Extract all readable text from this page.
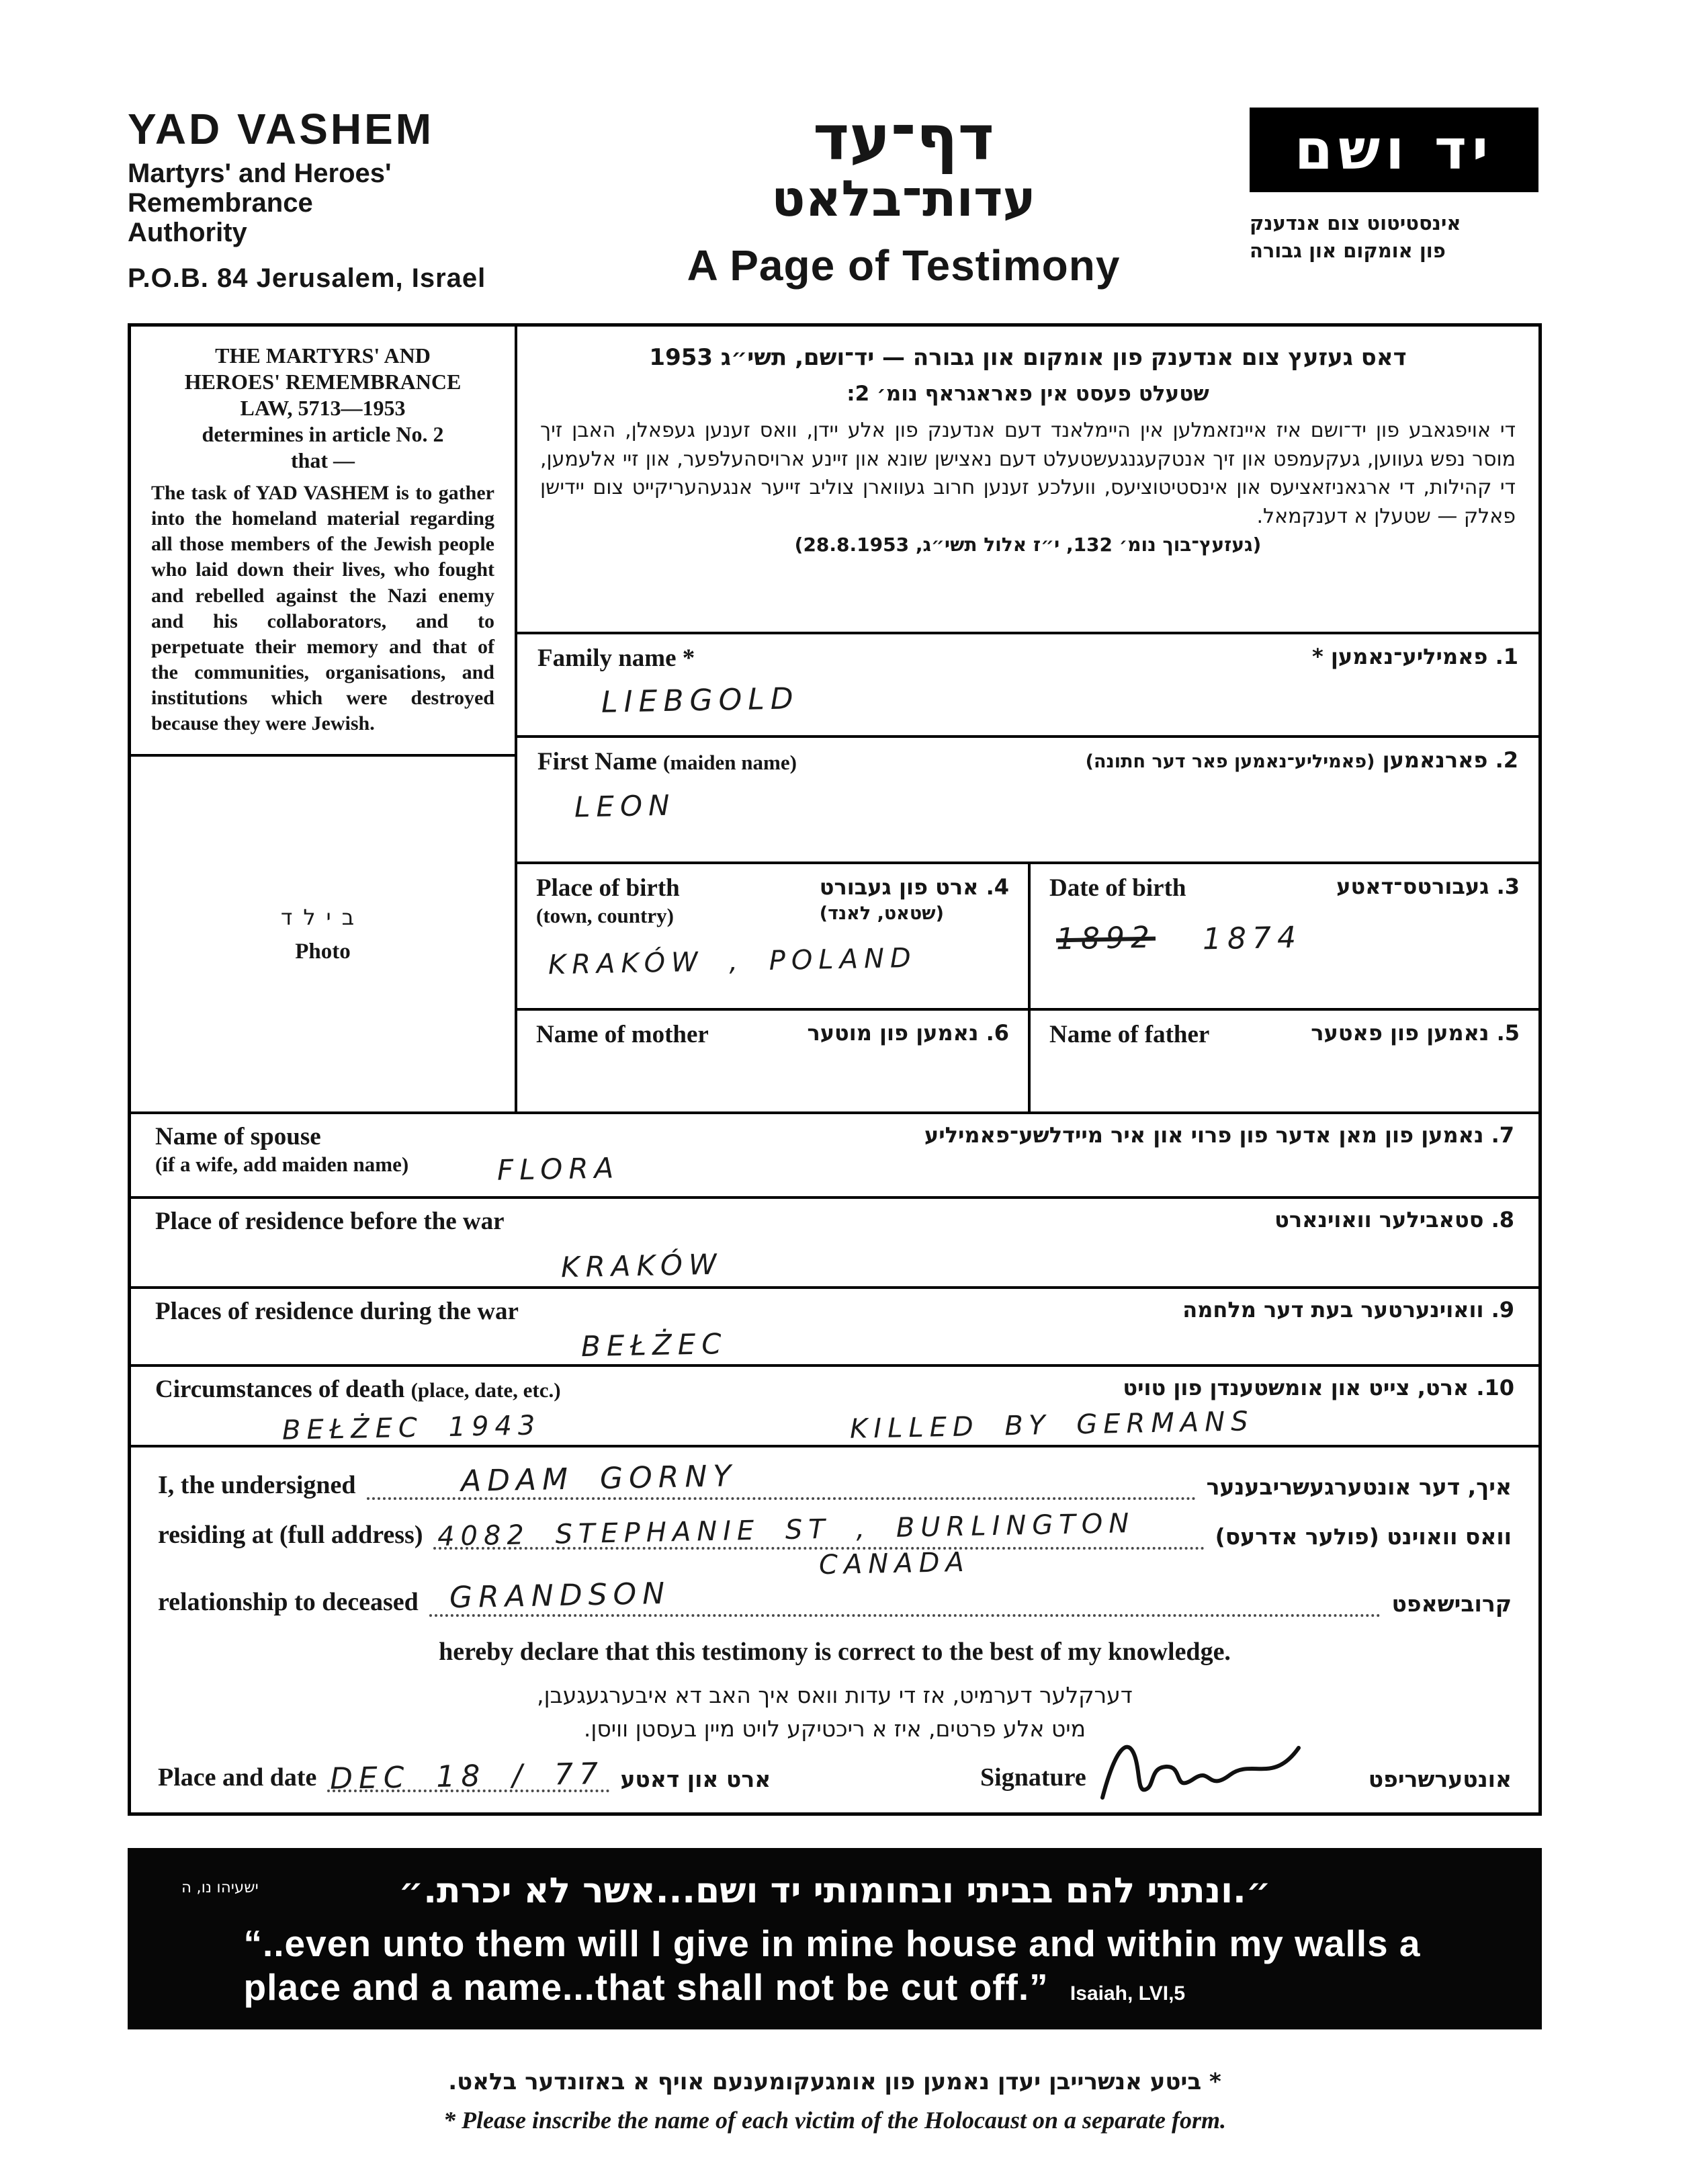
YAD VASHEM
Martyrs' and Heroes'
Remembrance
Authority
P.O.B. 84 Jerusalem, Israel
דף־עד
עדות־בלאט
A Page of Testimony
יד ושם
אינסטיטוט צום אנדענק
פון אומקום און גבורה
THE MARTYRS' AND
HEROES' REMEMBRANCE
LAW, 5713—1953
determines in article No. 2
that —
The task of YAD VASHEM is to gather into the homeland material regarding all those members of the Jewish people who laid down their lives, who fought and rebelled against the Nazi enemy and his collaborators, and to perpetuate their memory and that of the communities, organisations, and institutions which were destroyed because they were Jewish.
בילד
Photo
דאס געזעץ צום אנדענק פון אומקום און גבורה — יד־ושם, תשי״ג 1953
שטעלט פעסט אין פאראגראף נומ׳ 2:
די אויפגאבע פון יד־ושם איז איינזאמלען אין היימלאנד דעם אנדענק פון אלע יידן, וואס זענען געפאלן, האבן זיך מוסר נפש געווען, געקעמפט און זיך אנטקעגנגעשטעלט דעם נאצישן שונא און זיינע ארויסהעלפער, און זיי אלעמען, די קהילות, די ארגאניזאציעס און אינסטיטוציעס, וועלכע זענען חרוב געווארן צוליב זייער אנגעהעריקייט צום יידישן פאלק — שטעלן א דענקמאל.
(געזעץ־בוך נומ׳ 132, י״ז אלול תשי״ג, 28.8.1953)
Family name *	1. פאמיליע־נאמען *
LIEBGOLD
First Name (maiden name)	2. פארנאמען (פאמיליע־נאמען פאר דער חתונה)
LEON
Place of birth
(town, country)
4. ארט פון געבורט
(שטאט, לאנד)
KRAKÓW , POLAND
Date of birth	3. געבורטס־דאטע
1892 1874
Name of mother	6. נאמען פון מוטער	Name of father	5. נאמען פון פאטער
Name of spouse
(if a wife, add maiden name)
7. נאמען פון מאן אדער פון פרוי און איר מיידלשע־פאמיליע
FLORA
Place of residence before the war	8. סטאבילער וואוינארט
KRAKÓW
Places of residence during the war	9. וואוינערטער בעת דער מלחמה
BEŁŻEC
Circumstances of death (place, date, etc.)	10. ארט, צייט און אומשטענדן פון טויט
BEŁŻEC 1943	KILLED BY GERMANS
I, the undersigned	ADAM GORNY	איך, דער אונטערגעשריבענער
residing at (full address) 4082 STEPHANIE ST , BURLINGTON
CANADA
וואס וואוינט (פולער אדרעס)
relationship to deceased GRANDSON	קרובישאפט
hereby declare that this testimony is correct to the best of my knowledge.
דערקלער דערמיט, אז די עדות וואס איך האב דא איבערגעגעבן,
מיט אלע פרטים, איז א ריכטיקע לויט מיין בעסטן וויסן.
Place and date DEC 18 / 77 ארט און דאטע	Signature	אונטערשריפט
ישעיהו נו, ה	״.ונתתי להם בביתי ובחומותי יד ושם...אשר לא יכרת.״
“..even unto them will I give in mine house and within my walls a place and a name...that shall not be cut off.” Isaiah, LVI,5
* ביטע אנשרייבן יעדן נאמען פון אומגעקומענעם אויף א באזונדער בלאט.
* Please inscribe the name of each victim of the Holocaust on a separate form.
